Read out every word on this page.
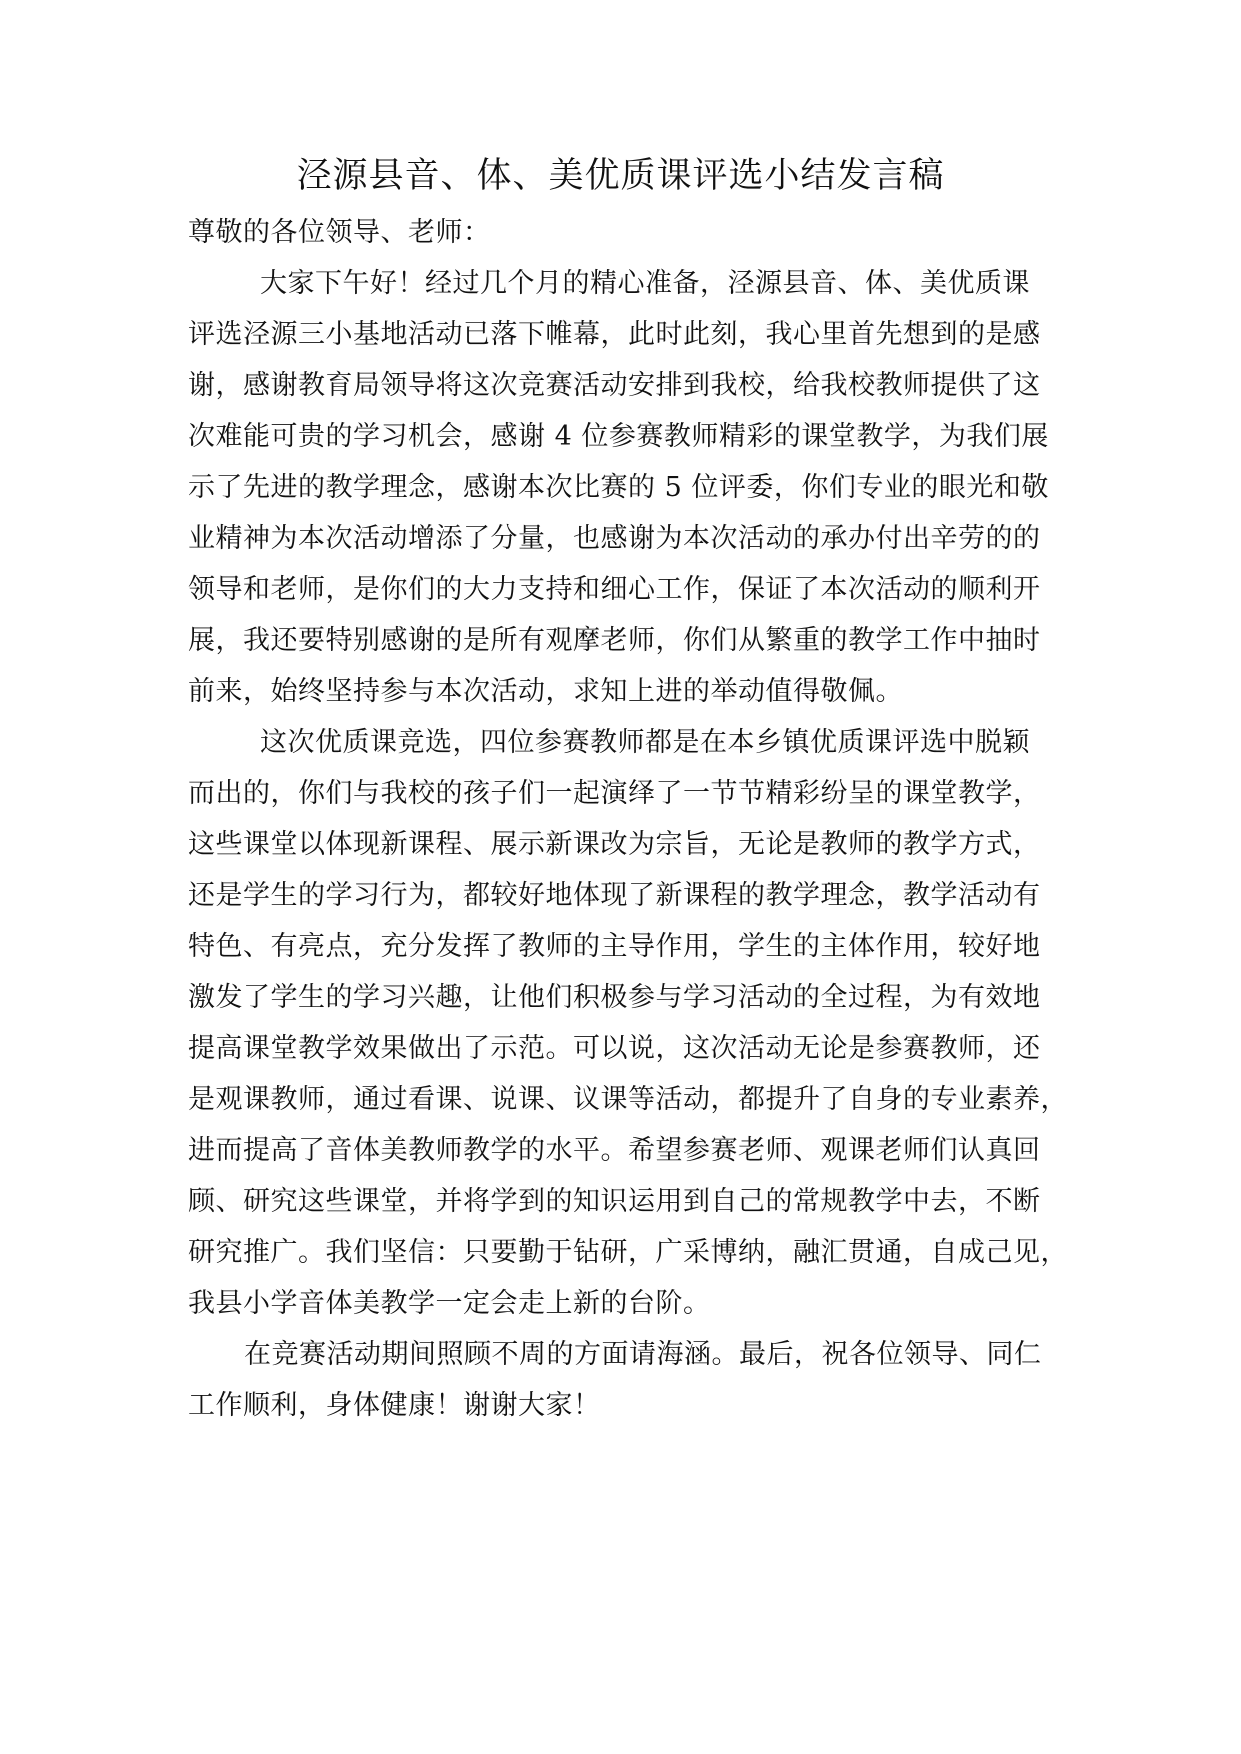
泾源县音、体、美优质课评选小结发言稿
尊敬的各位领导、老师：
大家下午好！经过几个月的精心准备，泾源县音、体、美优质课
评选泾源三小基地活动已落下帷幕，此时此刻，我心里首先想到的是感
谢，感谢教育局领导将这次竞赛活动安排到我校，给我校教师提供了这
次难能可贵的学习机会，感谢 4 位参赛教师精彩的课堂教学，为我们展
示了先进的教学理念，感谢本次比赛的 5 位评委，你们专业的眼光和敬
业精神为本次活动增添了分量，也感谢为本次活动的承办付出辛劳的的
领导和老师，是你们的大力支持和细心工作，保证了本次活动的顺利开
展，我还要特别感谢的是所有观摩老师，你们从繁重的教学工作中抽时
前来，始终坚持参与本次活动，求知上进的举动值得敬佩。
这次优质课竞选，四位参赛教师都是在本乡镇优质课评选中脱颖
而出的，你们与我校的孩子们一起演绎了一节节精彩纷呈的课堂教学，
这些课堂以体现新课程、展示新课改为宗旨，无论是教师的教学方式，
还是学生的学习行为，都较好地体现了新课程的教学理念，教学活动有
特色、有亮点，充分发挥了教师的主导作用，学生的主体作用，较好地
激发了学生的学习兴趣，让他们积极参与学习活动的全过程，为有效地
提高课堂教学效果做出了示范。可以说，这次活动无论是参赛教师，还
是观课教师，通过看课、说课、议课等活动，都提升了自身的专业素养，
进而提高了音体美教师教学的水平。希望参赛老师、观课老师们认真回
顾、研究这些课堂，并将学到的知识运用到自己的常规教学中去，不断
研究推广。我们坚信：只要勤于钻研，广采博纳，融汇贯通，自成己见，
我县小学音体美教学一定会走上新的台阶。
在竞赛活动期间照顾不周的方面请海涵。最后，祝各位领导、同仁
工作顺利，身体健康！谢谢大家！
